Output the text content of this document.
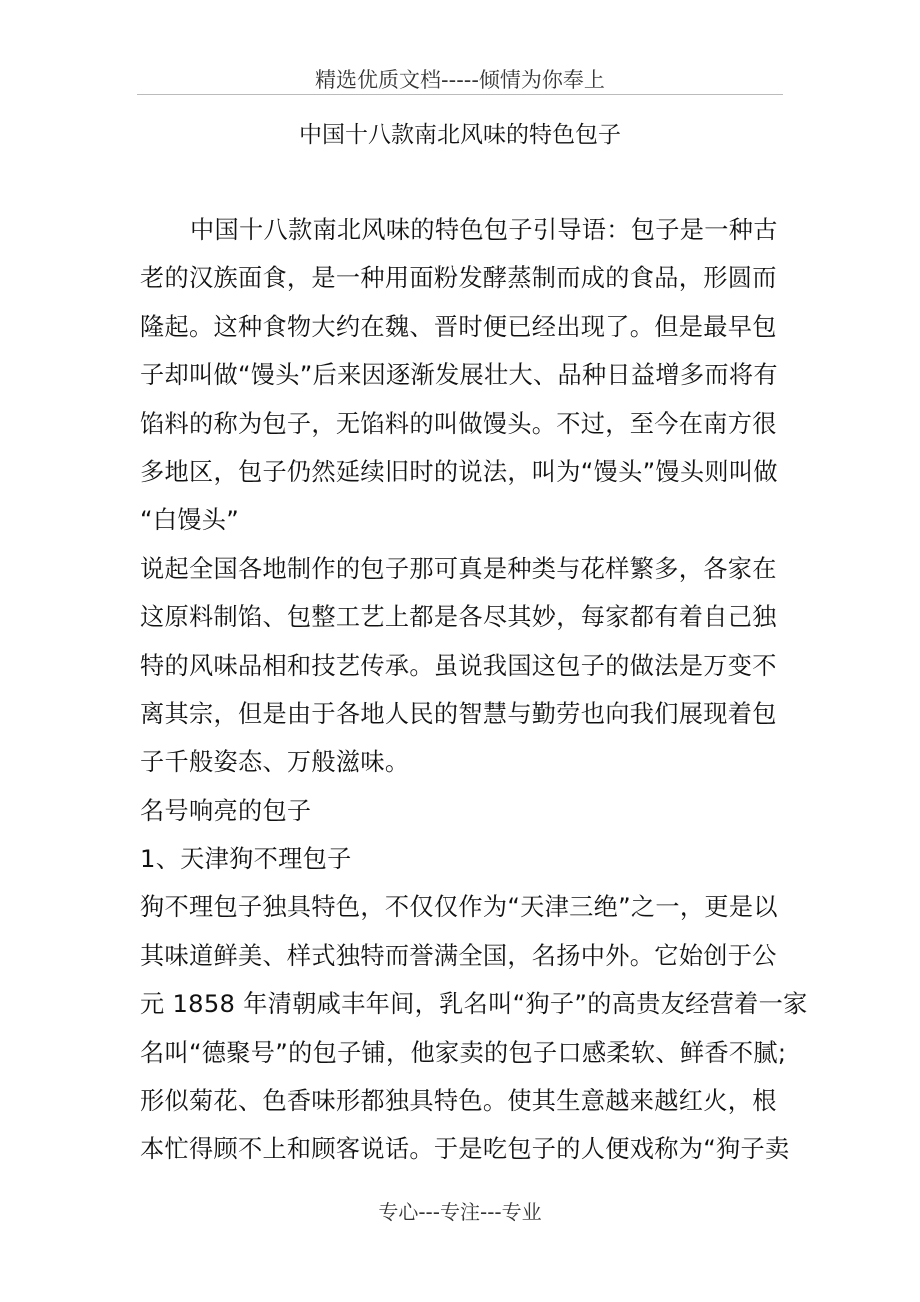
精选优质文档-----倾情为你奉上
中国十八款南北风味的特色包子
中国十八款南北风味的特色包子引导语：包子是一种古
老的汉族面食，是一种用面粉发酵蒸制而成的食品，形圆而
隆起。这种食物大约在魏、晋时便已经出现了。但是最早包
子却叫做“馒头”后来因逐渐发展壮大、品种日益增多而将有
馅料的称为包子，无馅料的叫做馒头。不过，至今在南方很
多地区，包子仍然延续旧时的说法，叫为“馒头”馒头则叫做
“白馒头”
说起全国各地制作的包子那可真是种类与花样繁多，各家在
这原料制馅、包整工艺上都是各尽其妙，每家都有着自己独
特的风味品相和技艺传承。虽说我国这包子的做法是万变不
离其宗，但是由于各地人民的智慧与勤劳也向我们展现着包
子千般姿态、万般滋味。
名号响亮的包子
1、天津狗不理包子
狗不理包子独具特色，不仅仅作为“天津三绝”之一，更是以
其味道鲜美、样式独特而誉满全国，名扬中外。它始创于公
元 1858 年清朝咸丰年间，乳名叫“狗子”的高贵友经营着一家
名叫“德聚号”的包子铺，他家卖的包子口感柔软、鲜香不腻;
形似菊花、色香味形都独具特色。使其生意越来越红火，根
本忙得顾不上和顾客说话。于是吃包子的人便戏称为“狗子卖
专心---专注---专业
